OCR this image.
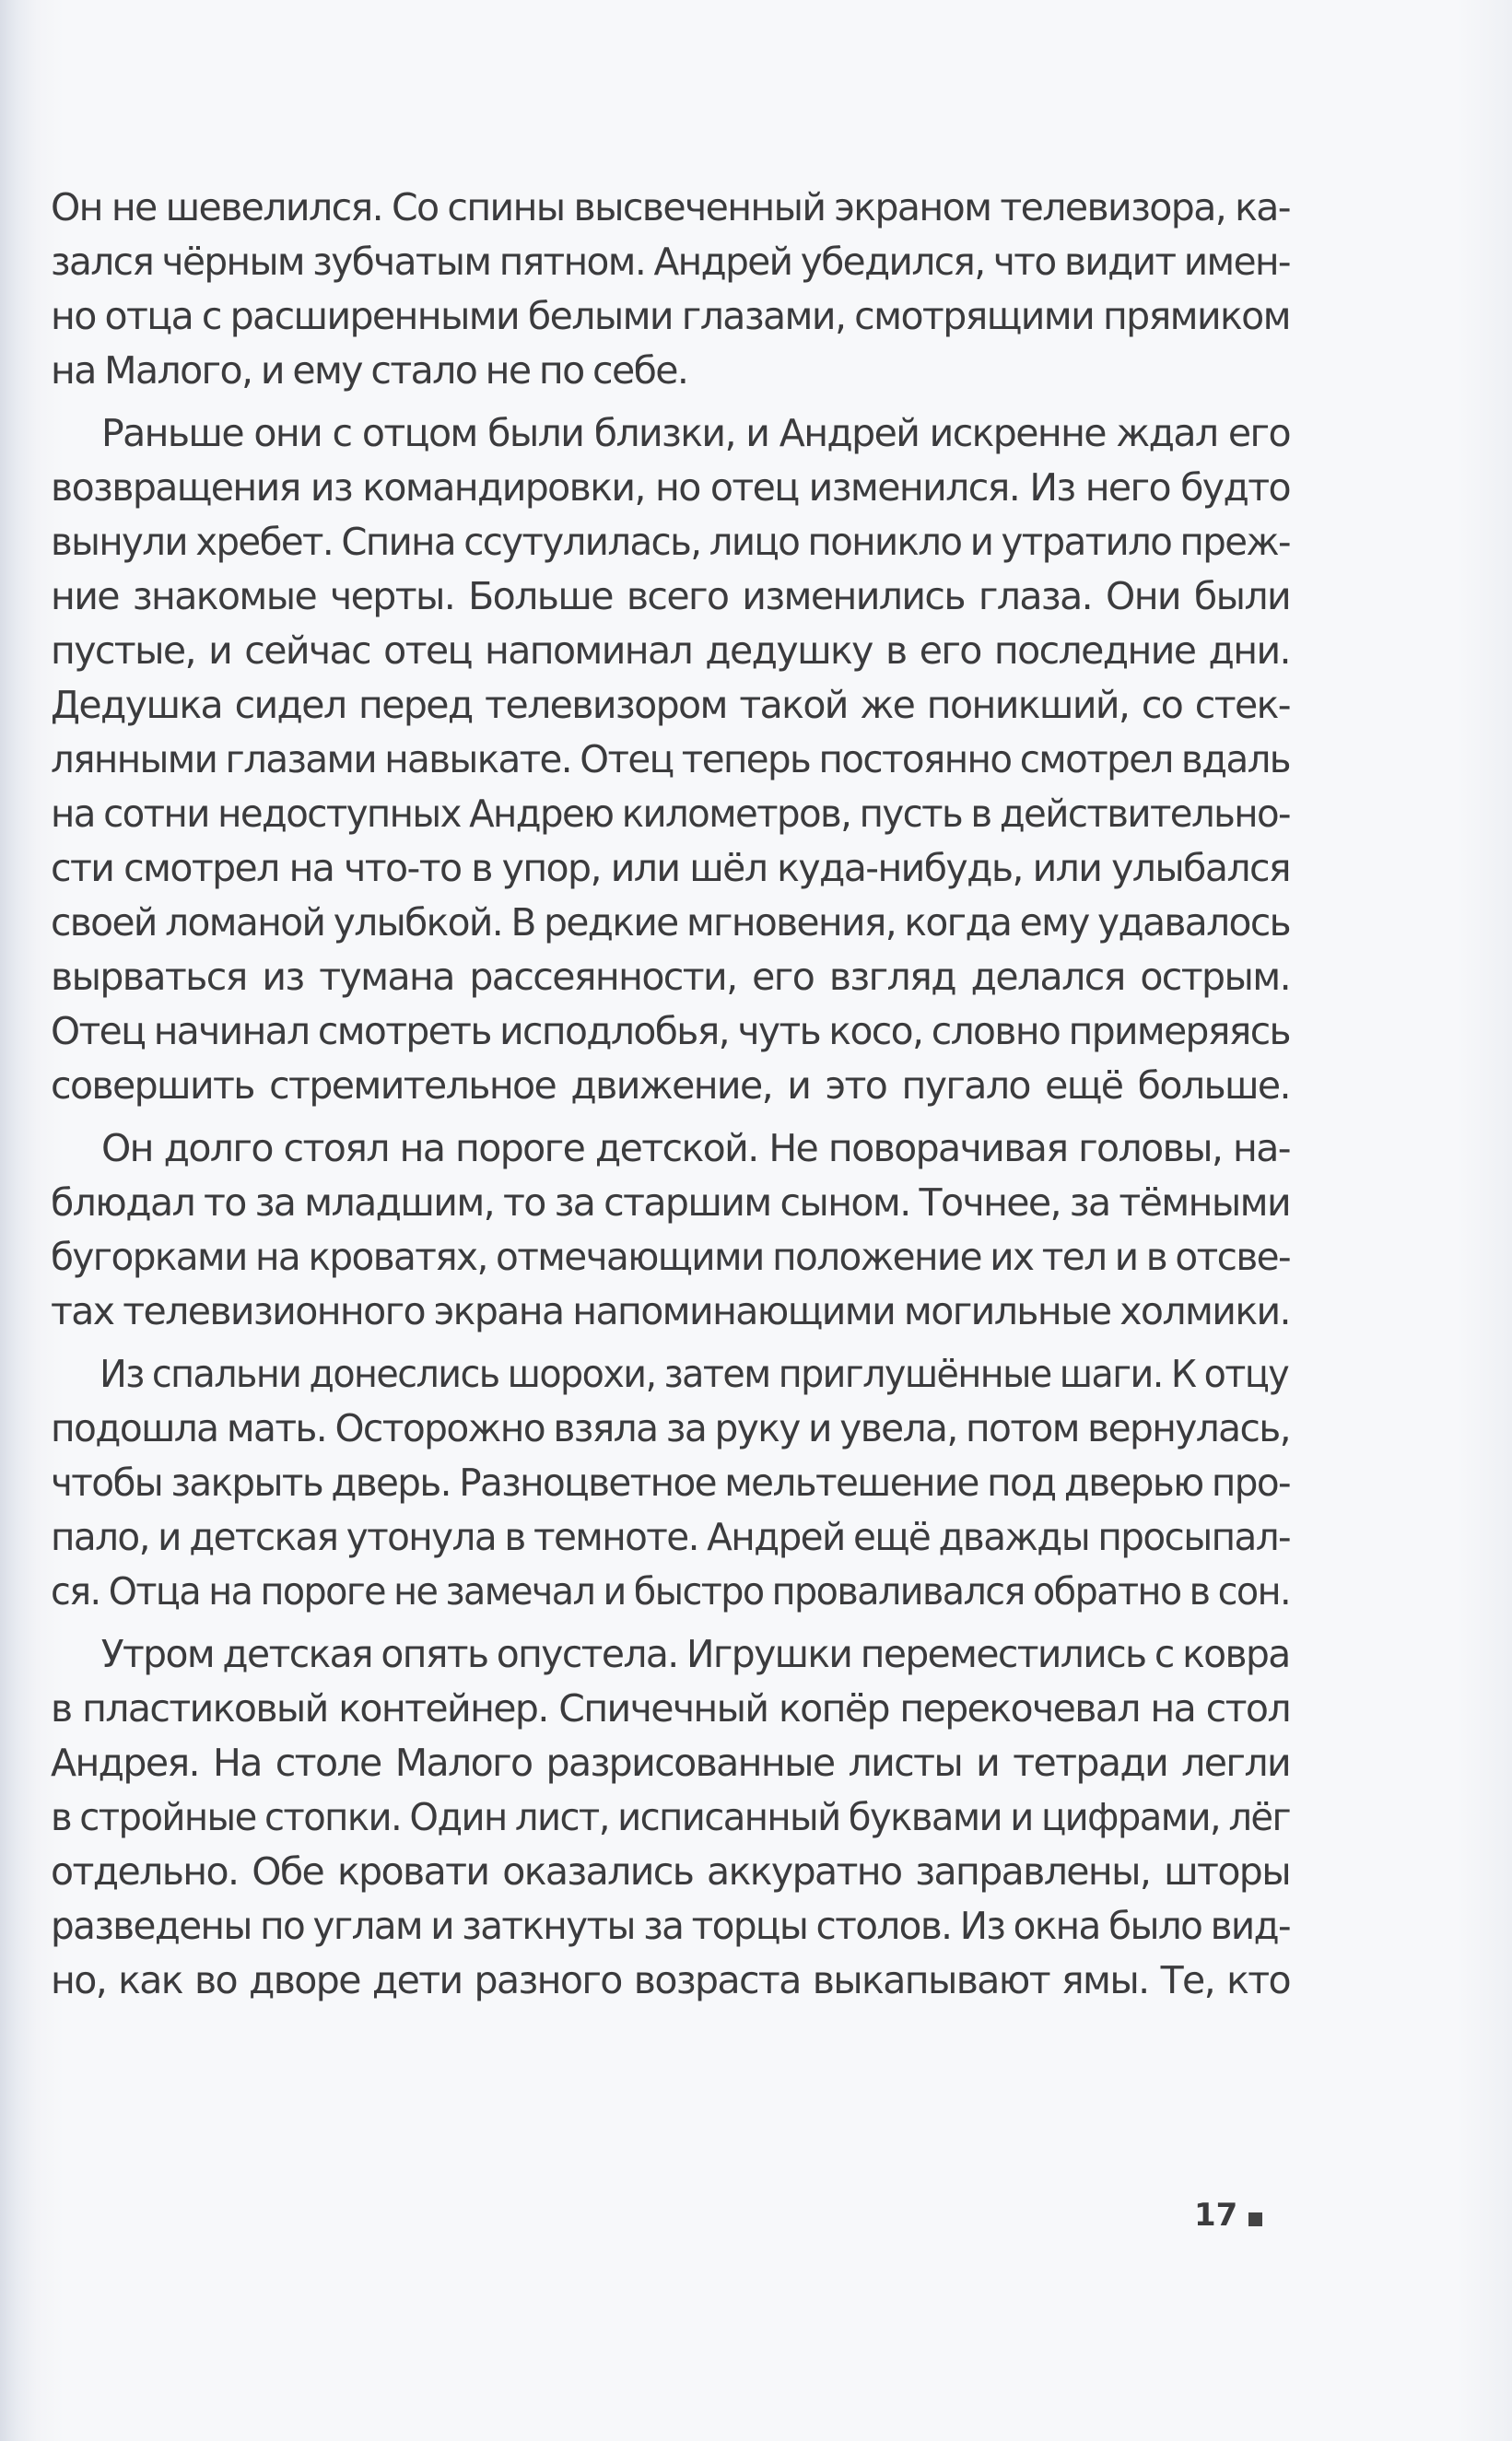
Он не шевелился. Со спины высвеченный экраном телевизора, ка-
зался чёрным зубчатым пятном. Андрей убедился, что видит имен-
но отца с расширенными белыми глазами, смотрящими прямиком
на Малого, и ему стало не по себе.

Раньше они с отцом были близки, и Андрей искренне ждал его
возвращения из командировки, но отец изменился. Из него будто
вынули хребет. Спина ссутулилась, лицо поникло и утратило преж-
ние знакомые черты. Больше всего изменились глаза. Они были
пустые, и сейчас отец напоминал дедушку в его последние дни.
Дедушка сидел перед телевизором такой же поникший, со стек-
лянными глазами навыкате. Отец теперь постоянно смотрел вдаль
на сотни недоступных Андрею километров, пусть в действительно-
сти смотрел на что-то в упор, или шёл куда-нибудь, или улыбался
своей ломаной улыбкой. В редкие мгновения, когда ему удавалось
вырваться из тумана рассеянности, его взгляд делался острым.
Отец начинал смотреть исподлобья, чуть косо, словно примеряясь
совершить стремительное движение, и это пугало ещё больше.

Он долго стоял на пороге детской. Не поворачивая головы, на-
блюдал то за младшим, то за старшим сыном. Точнее, за тёмными
бугорками на кроватях, отмечающими положение их тел и в отсве-
тах телевизионного экрана напоминающими могильные холмики.

Из спальни донеслись шорохи, затем приглушённые шаги. К отцу
подошла мать. Осторожно взяла за руку и увела, потом вернулась,
чтобы закрыть дверь. Разноцветное мельтешение под дверью про-
пало, и детская утонула в темноте. Андрей ещё дважды просыпал-
ся. Отца на пороге не замечал и быстро проваливался обратно в сон.

Утром детская опять опустела. Игрушки переместились с ковра
в пластиковый контейнер. Спичечный копёр перекочевал на стол
Андрея. На столе Малого разрисованные листы и тетради легли
в стройные стопки. Один лист, исписанный буквами и цифрами, лёг
отдельно. Обе кровати оказались аккуратно заправлены, шторы
разведены по углам и заткнуты за торцы столов. Из окна было вид-
но, как во дворе дети разного возраста выкапывают ямы. Те, кто

17
